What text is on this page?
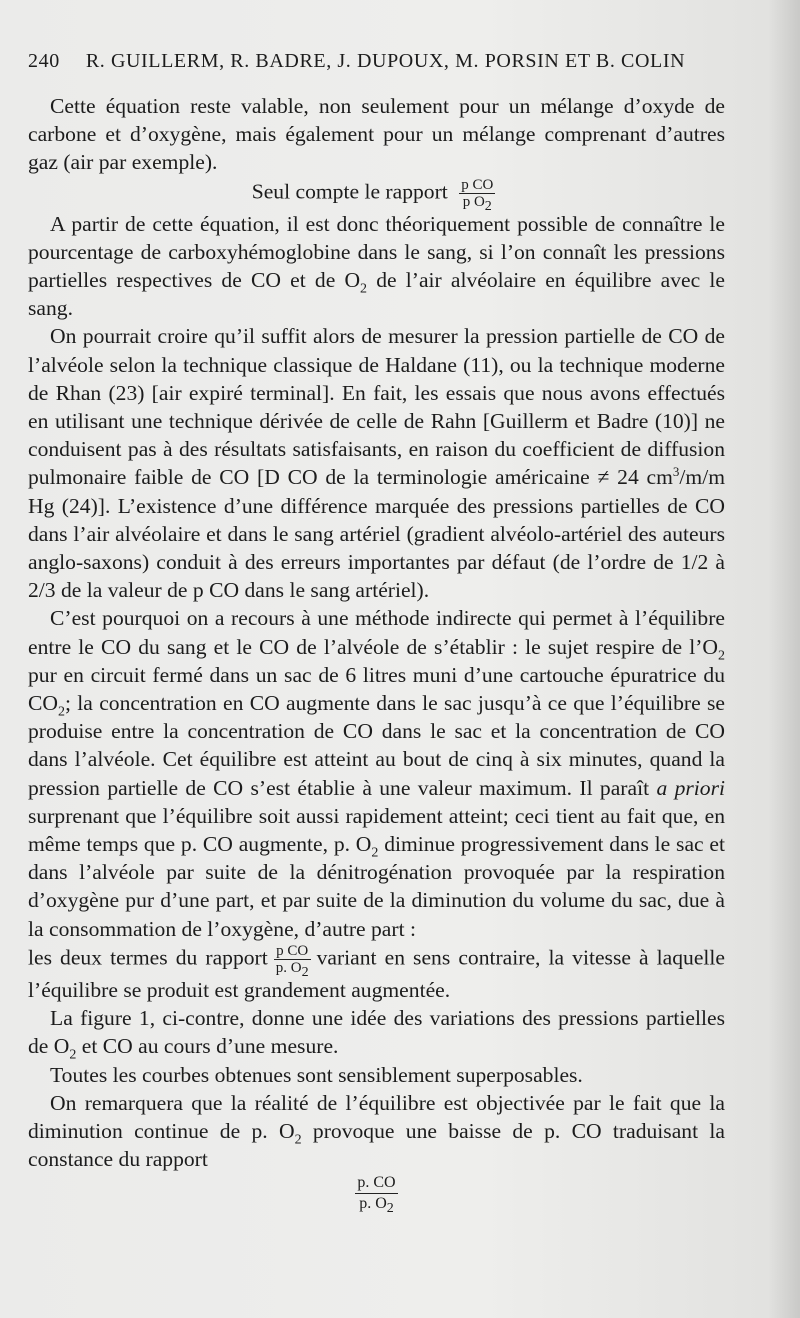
240 R. GUILLERM, R. BADRE, J. DUPOUX, M. PORSIN ET B. COLIN

Cette équation reste valable, non seulement pour un mélange d’oxyde de carbone et d’oxygène, mais également pour un mélange comprenant d’autres gaz (air par exemple).

Seul compte le rapport $\frac{\text{p CO}}{p O_2}$

A partir de cette équation, il est donc théoriquement possible de connaître le pourcentage de carboxyhémoglobine dans le sang, si l’on connaît les pressions partielles respectives de CO et de $O_2$ de l’air alvéolaire en équilibre avec le sang.

On pourrait croire qu’il suffit alors de mesurer la pression partielle de CO de l’alvéole selon la technique classique de Haldane (11), ou la technique moderne de Rhan (23) [air expiré terminal]. En fait, les essais que nous avons effectués en utilisant une technique dérivée de celle de Rahn [Guillerm et Badre (10)] ne conduisent pas à des résultats satisfaisants, en raison du coefficient de diffusion pulmonaire faible de CO [D CO de la terminologie américaine ≠ 24 $cm^3/m/m$ Hg (24)]. L’existence d’une différence marquée des pressions partielles de CO dans l’air alvéolaire et dans le sang artériel (gradient alvéolo-artériel des auteurs anglo-saxons) conduit à des erreurs importantes par défaut (de l’ordre de 1/2 à 2/3 de la valeur de p CO dans le sang artériel).

C’est pourquoi on a recours à une méthode indirecte qui permet à l’équilibre entre le CO du sang et le CO de l’alvéole de s’établir : le sujet respire de $l’O_2$ pur en circuit fermé dans un sac de 6 litres muni d’une cartouche épuratrice du $CO_2$; la concentration en CO augmente dans le sac jusqu’à ce que l’équilibre se produise entre la concentration de CO dans le sac et la concentration de CO dans l’alvéole. Cet équilibre est atteint au bout de cinq à six minutes, quand la pression partielle de CO s’est établie à une valeur maximum. Il paraît a priori surprenant que l’équilibre soit aussi rapidement atteint; ceci tient au fait que, en même temps que p. CO augmente, p. $O_2$ diminue progressivement dans le sac et dans l’alvéole par suite de la dénitrogénation provoquée par la respiration d’oxygène pur d’une part, et par suite de la diminution du volume du sac, due à la consommation de l’oxygène, d’autre part :

les deux termes du rapport $\frac{\text{p CO}}{p. O_2}$ variant en sens contraire, la vitesse à laquelle l’équilibre se produit est grandement augmentée.

La figure 1, ci-contre, donne une idée des variations des pressions partielles de $O_2$ et CO au cours d’une mesure.

Toutes les courbes obtenues sont sensiblement superposables.

On remarquera que la réalité de l’équilibre est objectivée par le fait que la diminution continue de p. $O_2$ provoque une baisse de p. CO traduisant la constance du rapport

$\frac{p. CO}{p. O_2}$
